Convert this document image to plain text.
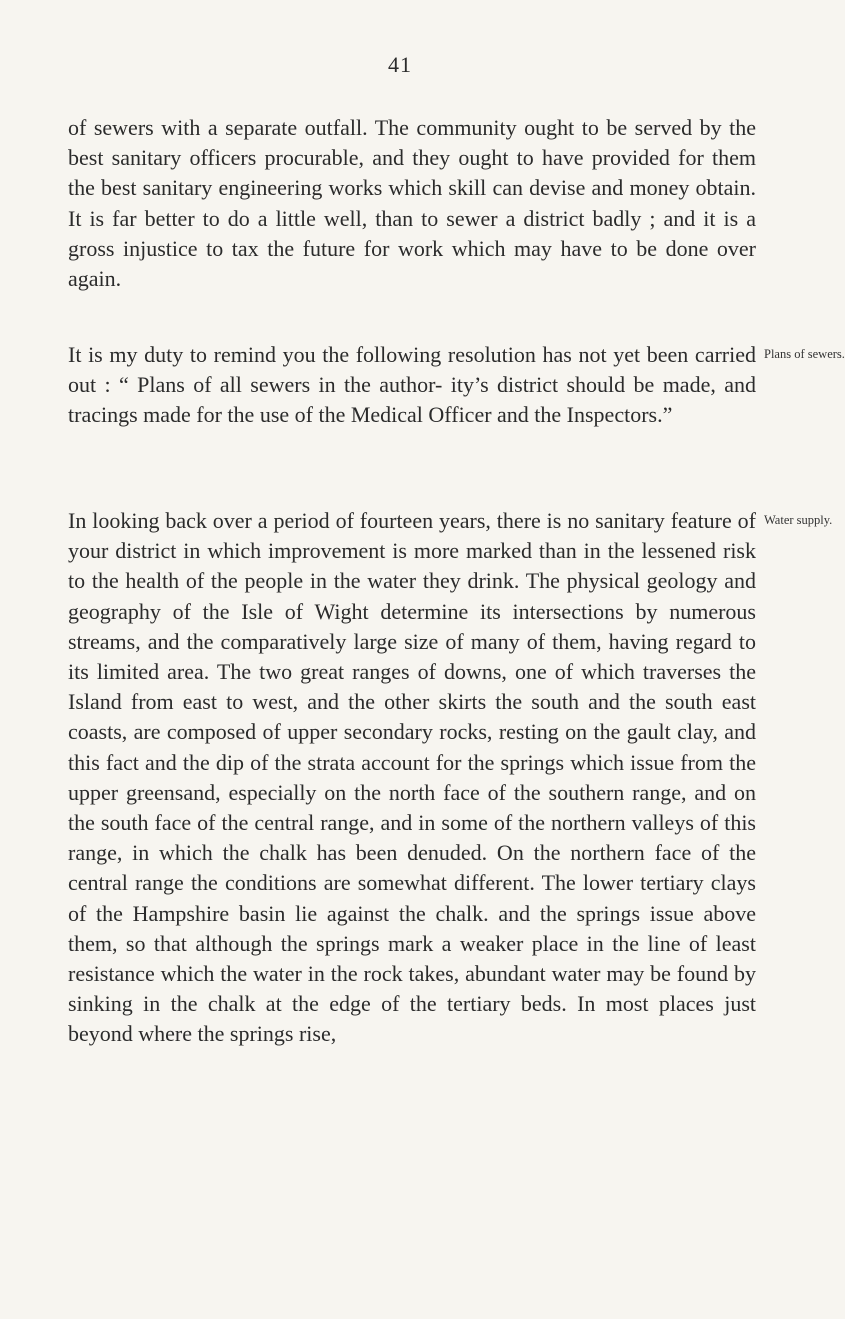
41

of sewers with a separate outfall. The community ought to be served by the best sanitary officers procurable, and they ought to have provided for them the best sanitary engineering works which skill can devise and money obtain. It is far better to do a little well, than to sewer a district badly ; and it is a gross injustice to tax the future for work which may have to be done over again.

Plans of sewers.

It is my duty to remind you the following resolution has not yet been carried out : “ Plans of all sewers in the author- ity’s district should be made, and tracings made for the use of the Medical Officer and the Inspectors.”

Water supply.

In looking back over a period of fourteen years, there is no sanitary feature of your district in which improvement is more marked than in the lessened risk to the health of the people in the water they drink. The physical geology and geography of the Isle of Wight determine its intersections by numerous streams, and the comparatively large size of many of them, having regard to its limited area. The two great ranges of downs, one of which traverses the Island from east to west, and the other skirts the south and the south east coasts, are composed of upper secondary rocks, resting on the gault clay, and this fact and the dip of the strata account for the springs which issue from the upper greensand, especially on the north face of the southern range, and on the south face of the central range, and in some of the northern valleys of this range, in which the chalk has been denuded. On the northern face of the central range the conditions are somewhat different. The lower tertiary clays of the Hampshire basin lie against the chalk. and the springs issue above them, so that although the springs mark a weaker place in the line of least resistance which the water in the rock takes, abundant water may be found by sinking in the chalk at the edge of the tertiary beds. In most places just beyond where the springs rise,
